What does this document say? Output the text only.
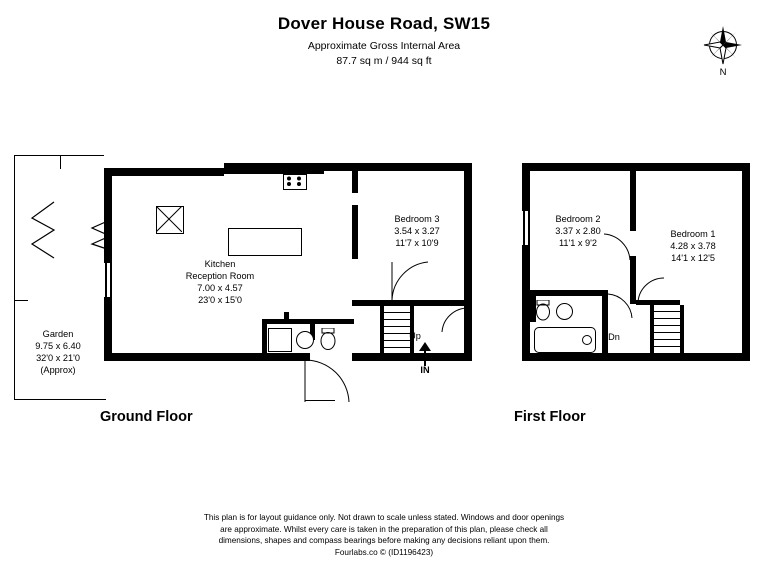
Dover House Road, SW15
Approximate Gross Internal Area
87.7 sq m / 944 sq ft
N
Garden
9.75 x 6.40
32'0 x 21'0
(Approx)
Kitchen
Reception Room
7.00 x 4.57
23'0 x 15'0
Bedroom 3
3.54 x 3.27
11'7 x 10'9
Up
IN
Ground Floor
Dn
Bedroom 2
3.37 x 2.80
11'1 x 9'2
Bedroom 1
4.28 x 3.78
14'1 x 12'5
First Floor
This plan is for layout guidance only. Not drawn to scale unless stated. Windows and door openings
are approximate. Whilst every care is taken in the preparation of this plan, please check all
dimensions, shapes and compass bearings before making any decisions reliant upon them.
Fourlabs.co © (ID1196423)
